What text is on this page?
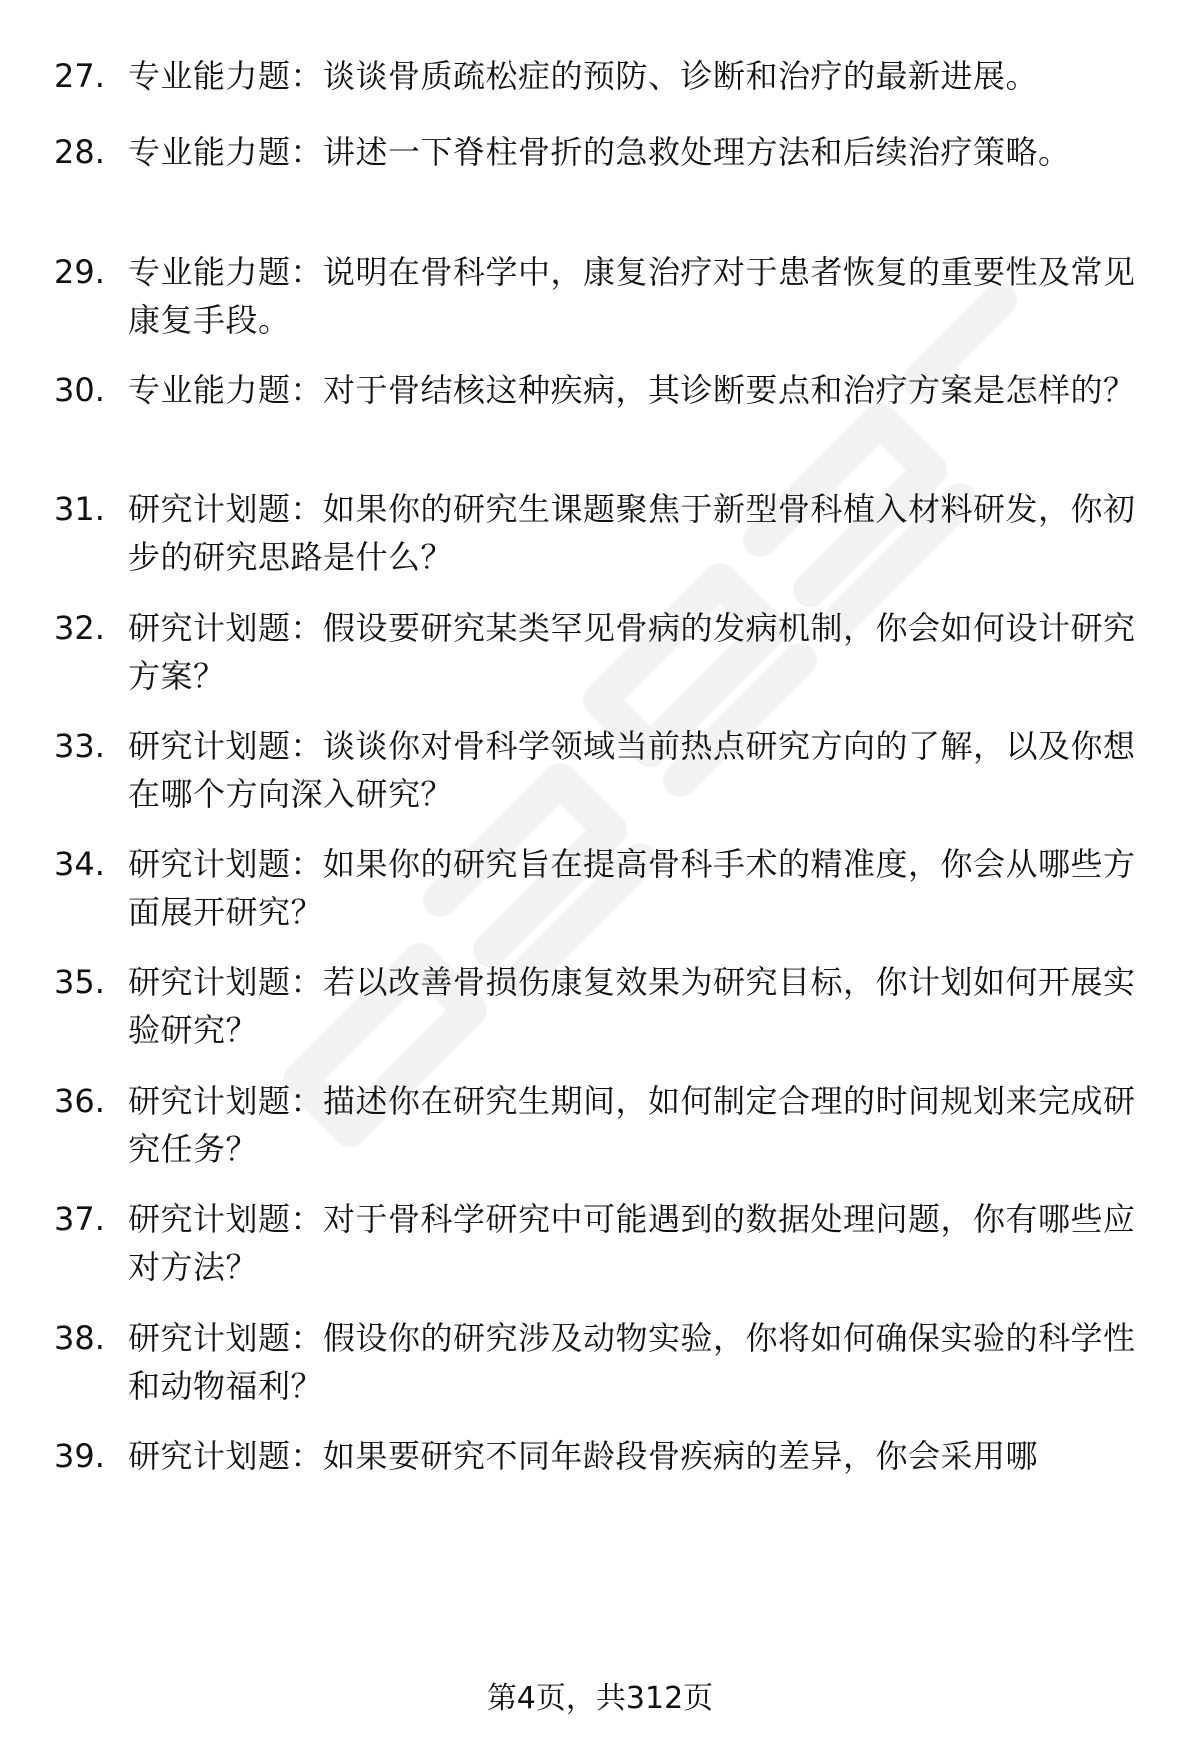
27. 专业能力题：谈谈骨质疏松症的预防、诊断和治疗的最新进展。
28. 专业能力题：讲述一下脊柱骨折的急救处理方法和后续治疗策略。
29. 专业能力题：说明在骨科学中，康复治疗对于患者恢复的重要性及常见康复手段。
30. 专业能力题：对于骨结核这种疾病，其诊断要点和治疗方案是怎样的？
31. 研究计划题：如果你的研究生课题聚焦于新型骨科植入材料研发，你初步的研究思路是什么？
32. 研究计划题：假设要研究某类罕见骨病的发病机制，你会如何设计研究方案？
33. 研究计划题：谈谈你对骨科学领域当前热点研究方向的了解，以及你想在哪个方向深入研究？
34. 研究计划题：如果你的研究旨在提高骨科手术的精准度，你会从哪些方面展开研究？
35. 研究计划题：若以改善骨损伤康复效果为研究目标，你计划如何开展实验研究？
36. 研究计划题：描述你在研究生期间，如何制定合理的时间规划来完成研究任务？
37. 研究计划题：对于骨科学研究中可能遇到的数据处理问题，你有哪些应对方法？
38. 研究计划题：假设你的研究涉及动物实验，你将如何确保实验的科学性和动物福利？
39. 研究计划题：如果要研究不同年龄段骨疾病的差异，你会采用哪
第4页，共312页
